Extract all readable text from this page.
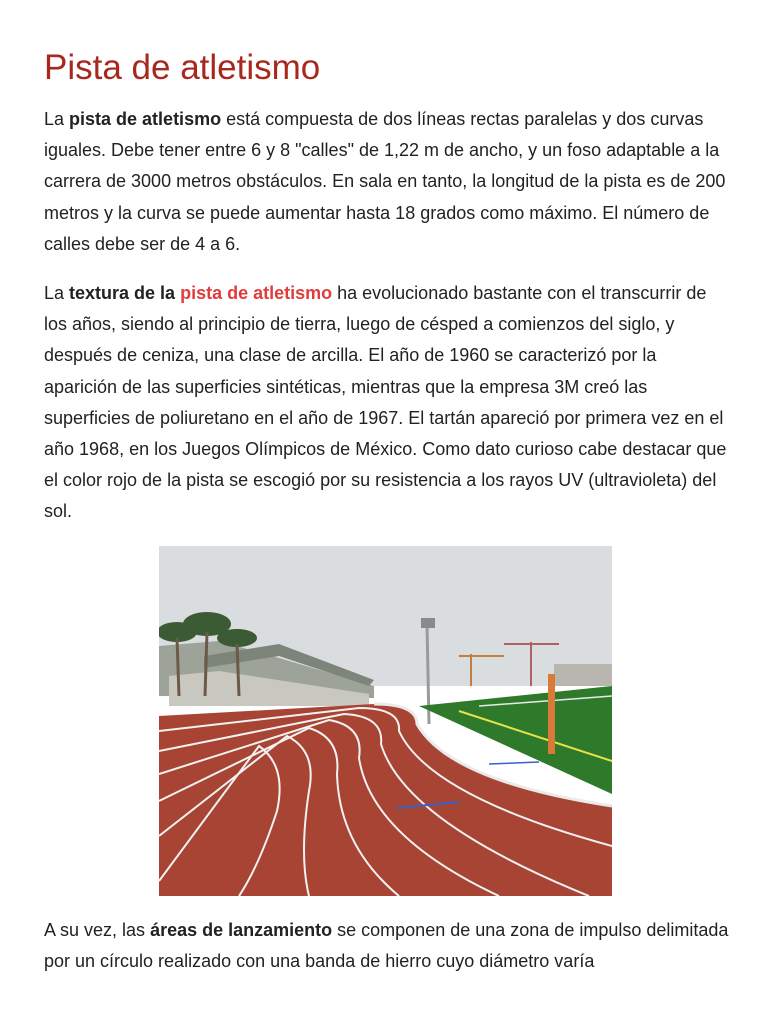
Pista de atletismo

La pista de atletismo está compuesta de dos líneas rectas paralelas y dos curvas iguales. Debe tener entre 6 y 8 "calles" de 1,22 m de ancho, y un foso adaptable a la carrera de 3000 metros obstáculos. En sala en tanto, la longitud de la pista es de 200 metros y la curva se puede aumentar hasta 18 grados como máximo. El número de calles debe ser de 4 a 6.

La textura de la pista de atletismo ha evolucionado bastante con el transcurrir de los años, siendo al principio de tierra, luego de césped a comienzos del siglo, y después de ceniza, una clase de arcilla. El año de 1960 se caracterizó por la aparición de las superficies sintéticas, mientras que la empresa 3M creó las superficies de poliuretano en el año de 1967. El tartán apareció por primera vez en el año 1968, en los Juegos Olímpicos de México. Como dato curioso cabe destacar que el color rojo de la pista se escogió por su resistencia a los rayos UV (ultravioleta) del sol.

A su vez, las áreas de lanzamiento se componen de una zona de impulso delimitada por un círculo realizado con una banda de hierro cuyo diámetro varía
